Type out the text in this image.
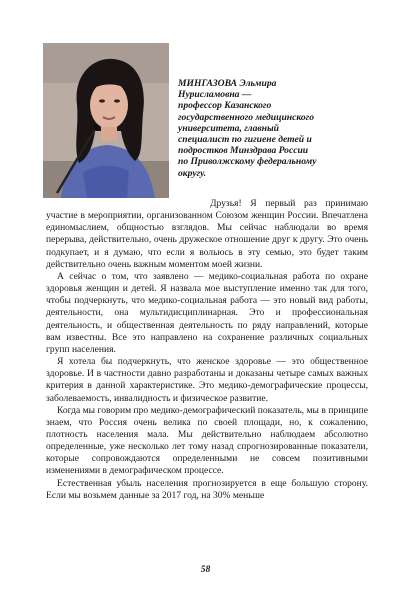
МИНГАЗОВА Эльмира
Нурисламовна —
профессор Казанского
государственного медицинского
университета, главный
специалист по гигиене детей и
подростков Минздрава России
по Приволжскому федеральному
округу.

Друзья! Я первый раз принимаю участие в мероприятии, организованном Союзом женщин России. Впечатлена единомыслием, общностью взглядов. Мы сейчас наблюдали во время перерыва, действительно, очень дружеское отношение друг к другу. Это очень подкупает, и я думаю, что если я вольюсь в эту семью, это будет таким действительно очень важным моментом моей жизни.

А сейчас о том, что заявлено — медико-социальная работа по охране здоровья женщин и детей. Я назвала мое выступление именно так для того, чтобы подчеркнуть, что медико-социальная работа — это новый вид работы, деятельности, она мультидисциплинарная. Это и профессиональная деятельность, и общественная деятельность по ряду направлений, которые вам известны. Все это направлено на сохранение различных социальных групп населения.

Я хотела бы подчеркнуть, что женское здоровье — это общественное здоровье. И в частности давно разработаны и доказаны четыре самых важных критерия в данной характеристике. Это медико-демографические процессы, заболеваемость, инвалидность и физическое развитие.

Когда мы говорим про медико-демографический показатель, мы в принципе знаем, что Россия очень велика по своей площади, но, к сожалению, плотность населения мала. Мы действительно наблюдаем абсолютно определенные, уже несколько лет тому назад спрогнозированные показатели, которые сопровождаются определенными не совсем позитивными изменениями в демографическом процессе.

Естественная убыль населения прогнозируется в еще большую сторону. Если мы возьмем данные за 2017 год, на 30% меньше

58
